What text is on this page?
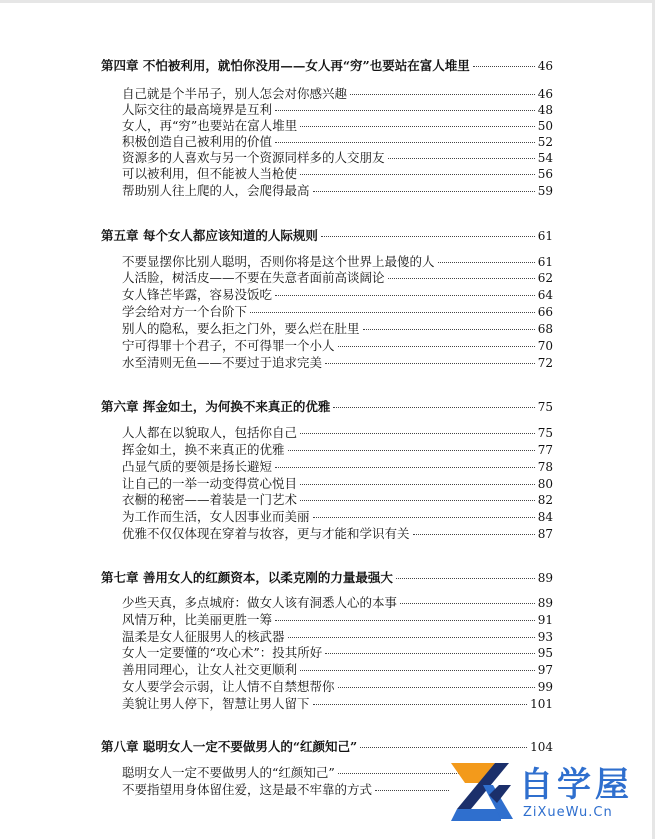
第四章 不怕被利用，就怕你没用——女人再“穷”也要站在富人堆里	46
自己就是个半吊子，别人怎会对你感兴趣	46
人际交往的最高境界是互利	48
女人，再“穷”也要站在富人堆里	50
积极创造自己被利用的价值	52
资源多的人喜欢与另一个资源同样多的人交朋友	54
可以被利用，但不能被人当枪使	56
帮助别人往上爬的人，会爬得最高	59
第五章 每个女人都应该知道的人际规则	61
不要显摆你比别人聪明，否则你将是这个世界上最傻的人	61
人活脸，树活皮——不要在失意者面前高谈阔论	62
女人锋芒毕露，容易没饭吃	64
学会给对方一个台阶下	66
别人的隐私，要么拒之门外，要么烂在肚里	68
宁可得罪十个君子，不可得罪一个小人	70
水至清则无鱼——不要过于追求完美	72
第六章 挥金如土，为何换不来真正的优雅	75
人人都在以貌取人，包括你自己	75
挥金如土，换不来真正的优雅	77
凸显气质的要领是扬长避短	78
让自己的一举一动变得赏心悦目	80
衣橱的秘密——着装是一门艺术	82
为工作而生活，女人因事业而美丽	84
优雅不仅仅体现在穿着与妆容，更与才能和学识有关	87
第七章 善用女人的红颜资本，以柔克刚的力量最强大	89
少些天真，多点城府：做女人该有洞悉人心的本事	89
风情万种，比美丽更胜一筹	91
温柔是女人征服男人的核武器	93
女人一定要懂的“攻心术”：投其所好	95
善用同理心，让女人社交更顺利	97
女人要学会示弱，让人情不自禁想帮你	99
美貌让男人停下，智慧让男人留下	101
第八章 聪明女人一定不要做男人的“红颜知己”	104
聪明女人一定不要做男人的“红颜知己”
不要指望用身体留住爱，这是最不牢靠的方式	自学屋
ZiXueWu.Cn
